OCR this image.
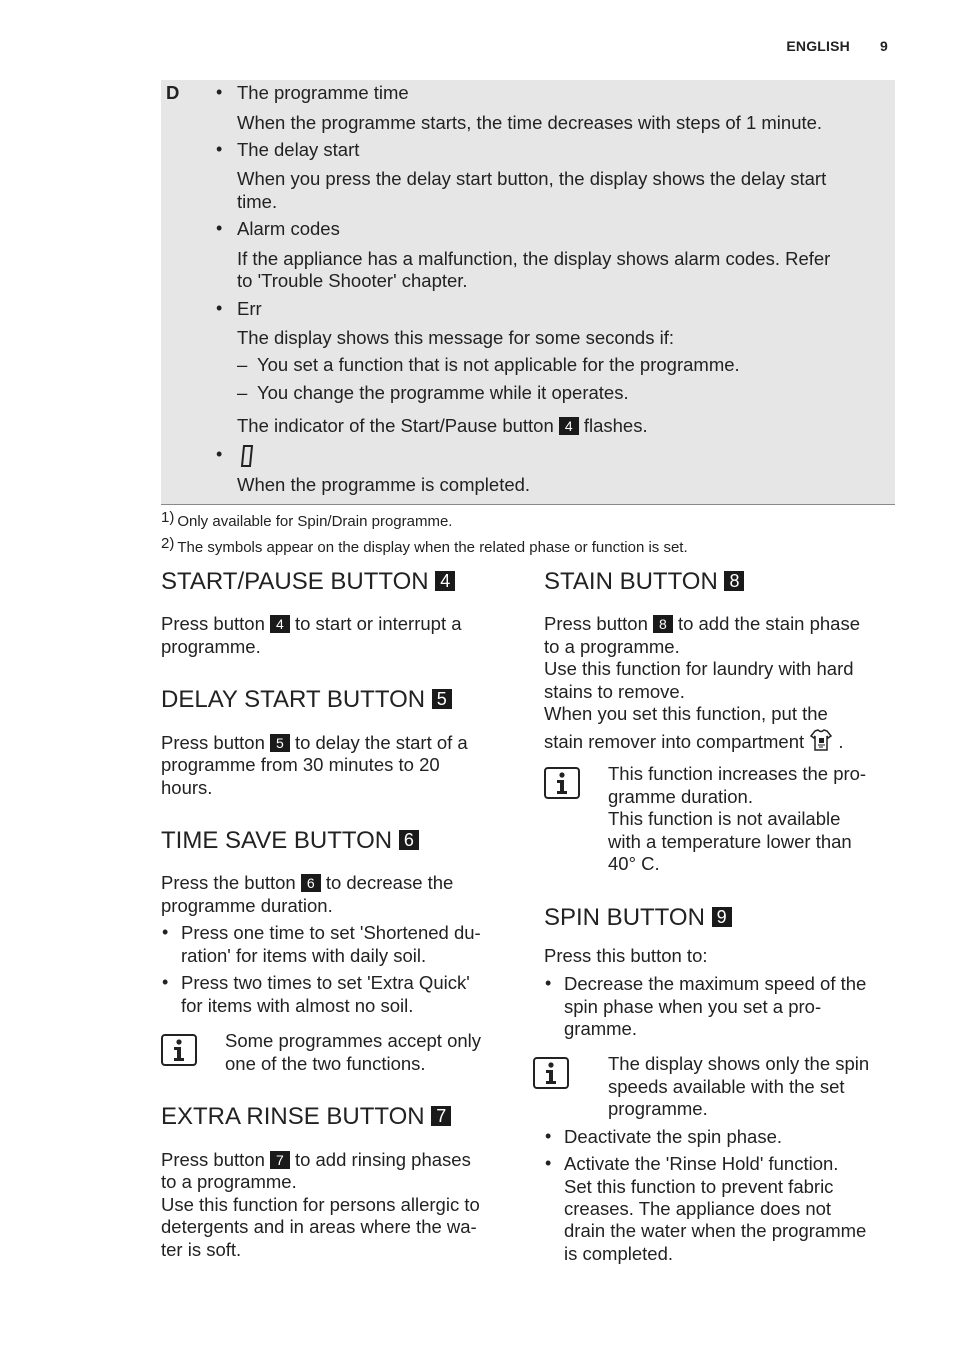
ENGLISH 9
D • The programme time
When the programme starts, the time decreases with steps of 1 minute.
• The delay start
When you press the delay start button, the display shows the delay start
time.
• Alarm codes
If the appliance has a malfunction, the display shows alarm codes. Refer
to 'Trouble Shooter' chapter.
• Err
The display shows this message for some seconds if:
– You set a function that is not applicable for the programme.
– You change the programme while it operates.
The indicator of the Start/Pause button 4 flashes.
•
When the programme is completed.
$^{1)}$ Only available for Spin/Drain programme.
$^{2)}$ The symbols appear on the display when the related phase or function is set.
START/PAUSE BUTTON 4
Press button 4 to start or interrupt a
programme.
DELAY START BUTTON 5
Press button 5 to delay the start of a
programme from 30 minutes to 20
hours.
TIME SAVE BUTTON 6
Press the button 6 to decrease the
programme duration.
• Press one time to set 'Shortened du-
ration' for items with daily soil.
• Press two times to set 'Extra Quick'
for items with almost no soil.
Some programmes accept only
one of the two functions.
EXTRA RINSE BUTTON 7
Press button 7 to add rinsing phases
to a programme.
Use this function for persons allergic to
detergents and in areas where the wa-
ter is soft.
STAIN BUTTON 8
Press button 8 to add the stain phase
to a programme.
Use this function for laundry with hard
stains to remove.
When you set this function, put the
stain remover into compartment .
This function increases the pro-
gramme duration.
This function is not available
with a temperature lower than
40° C.
SPIN BUTTON 9
Press this button to:
• Decrease the maximum speed of the
spin phase when you set a pro-
gramme.
The display shows only the spin
speeds available with the set
programme.
• Deactivate the spin phase.
• Activate the 'Rinse Hold' function.
Set this function to prevent fabric
creases. The appliance does not
drain the water when the programme
is completed.
